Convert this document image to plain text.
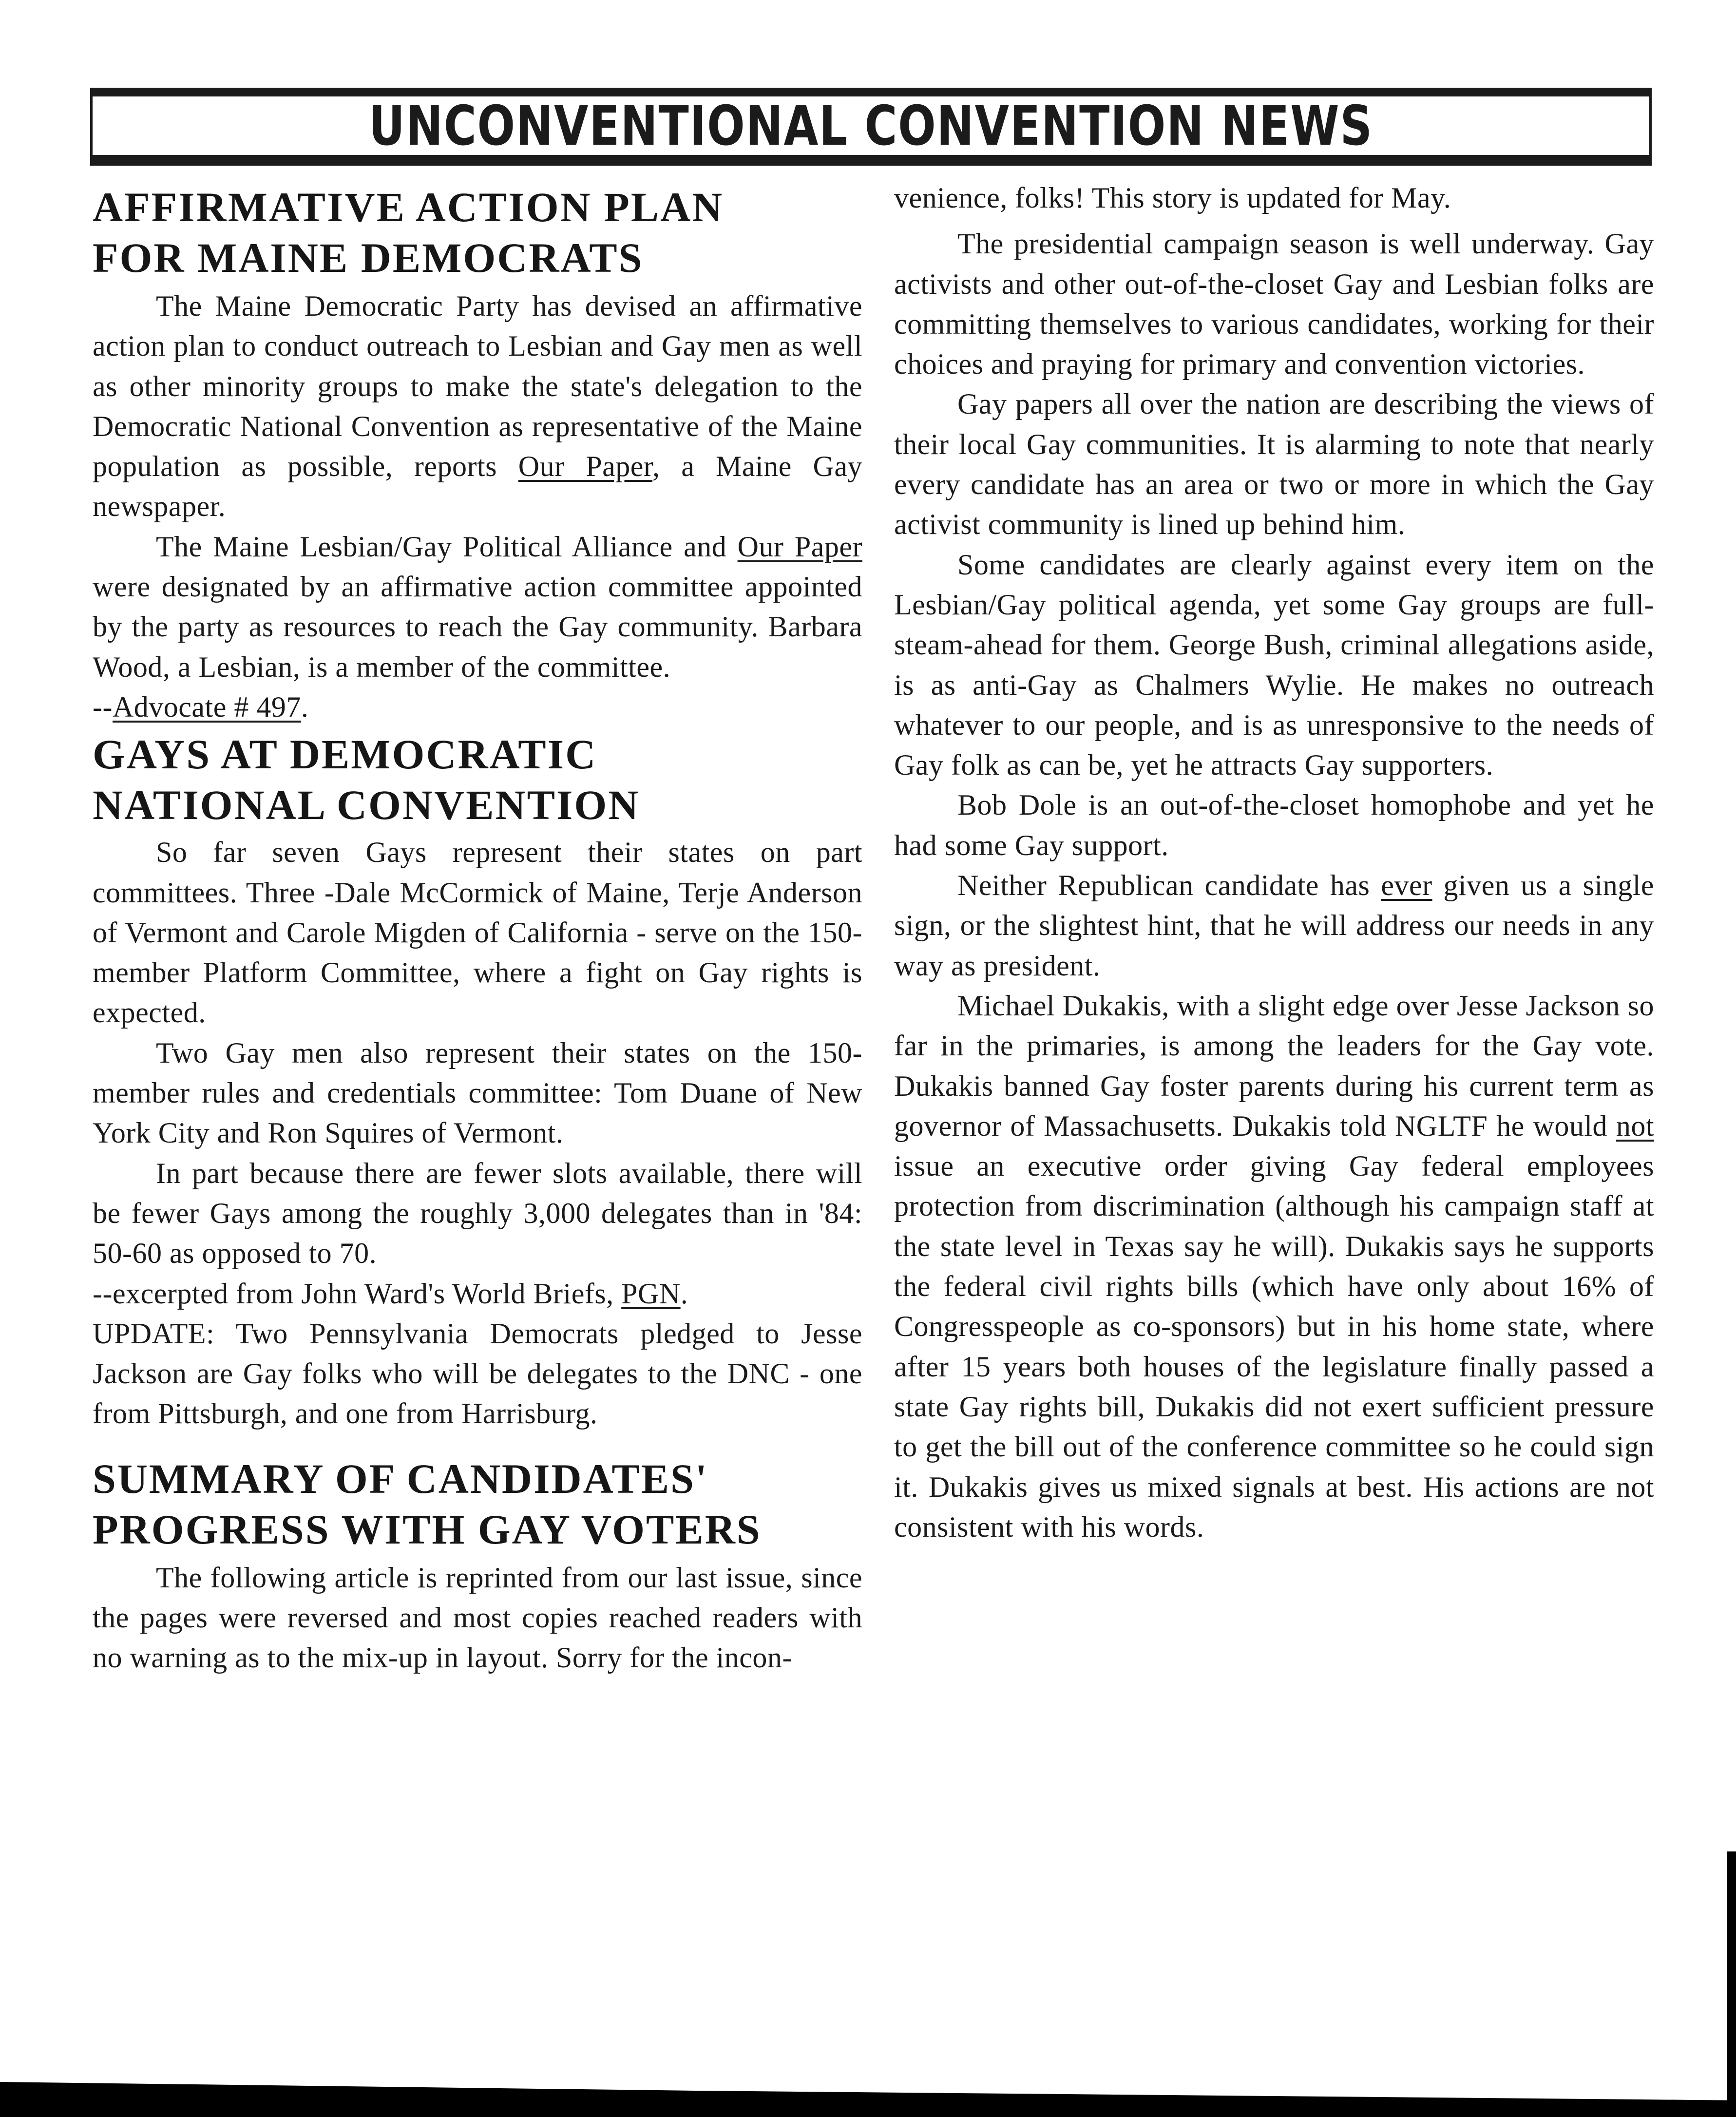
UNCONVENTIONAL CONVENTION NEWS
AFFIRMATIVE ACTION PLAN
FOR MAINE DEMOCRATS

The Maine Democratic Party has devised an affirmative action plan to conduct outreach to Lesbian and Gay men as well as other minority groups to make the state's delegation to the Democratic National Convention as representative of the Maine population as possible, reports Our Paper, a Maine Gay newspaper.

The Maine Lesbian/Gay Political Alliance and Our Paper were designated by an affirmative action committee appointed by the party as resources to reach the Gay community. Barbara Wood, a Lesbian, is a member of the committee.

--Advocate # 497.

GAYS AT DEMOCRATIC
NATIONAL CONVENTION

So far seven Gays represent their states on part committees. Three -Dale McCormick of Maine, Terje Anderson of Vermont and Carole Migden of California - serve on the 150-member Platform Committee, where a fight on Gay rights is expected.

Two Gay men also represent their states on the 150-member rules and credentials committee: Tom Duane of New York City and Ron Squires of Vermont.

In part because there are fewer slots available, there will be fewer Gays among the roughly 3,000 delegates than in '84: 50-60 as opposed to 70.

--excerpted from John Ward's World Briefs, PGN.

UPDATE: Two Pennsylvania Democrats pledged to Jesse Jackson are Gay folks who will be delegates to the DNC - one from Pittsburgh, and one from Harrisburg.

SUMMARY OF CANDIDATES'
PROGRESS WITH GAY VOTERS

The following article is reprinted from our last issue, since the pages were reversed and most copies reached readers with no warning as to the mix-up in layout. Sorry for the incon-

venience, folks! This story is updated for May.

The presidential campaign season is well underway. Gay activists and other out-of-the-closet Gay and Lesbian folks are committing themselves to various candidates, working for their choices and praying for primary and convention victories.

Gay papers all over the nation are describing the views of their local Gay communities. It is alarming to note that nearly every candidate has an area or two or more in which the Gay activist community is lined up behind him.

Some candidates are clearly against every item on the Lesbian/Gay political agenda, yet some Gay groups are full-steam-ahead for them. George Bush, criminal allegations aside, is as anti-Gay as Chalmers Wylie. He makes no outreach whatever to our people, and is as unresponsive to the needs of Gay folk as can be, yet he attracts Gay supporters.

Bob Dole is an out-of-the-closet homophobe and yet he had some Gay support.

Neither Republican candidate has ever given us a single sign, or the slightest hint, that he will address our needs in any way as president.

Michael Dukakis, with a slight edge over Jesse Jackson so far in the primaries, is among the leaders for the Gay vote. Dukakis banned Gay foster parents during his current term as governor of Massachusetts. Dukakis told NGLTF he would not issue an executive order giving Gay federal employees protection from discrimination (although his campaign staff at the state level in Texas say he will). Dukakis says he supports the federal civil rights bills (which have only about 16% of Congresspeople as co-sponsors) but in his home state, where after 15 years both houses of the legislature finally passed a state Gay rights bill, Dukakis did not exert sufficient pressure to get the bill out of the conference committee so he could sign it. Dukakis gives us mixed signals at best. His actions are not consistent with his words.
